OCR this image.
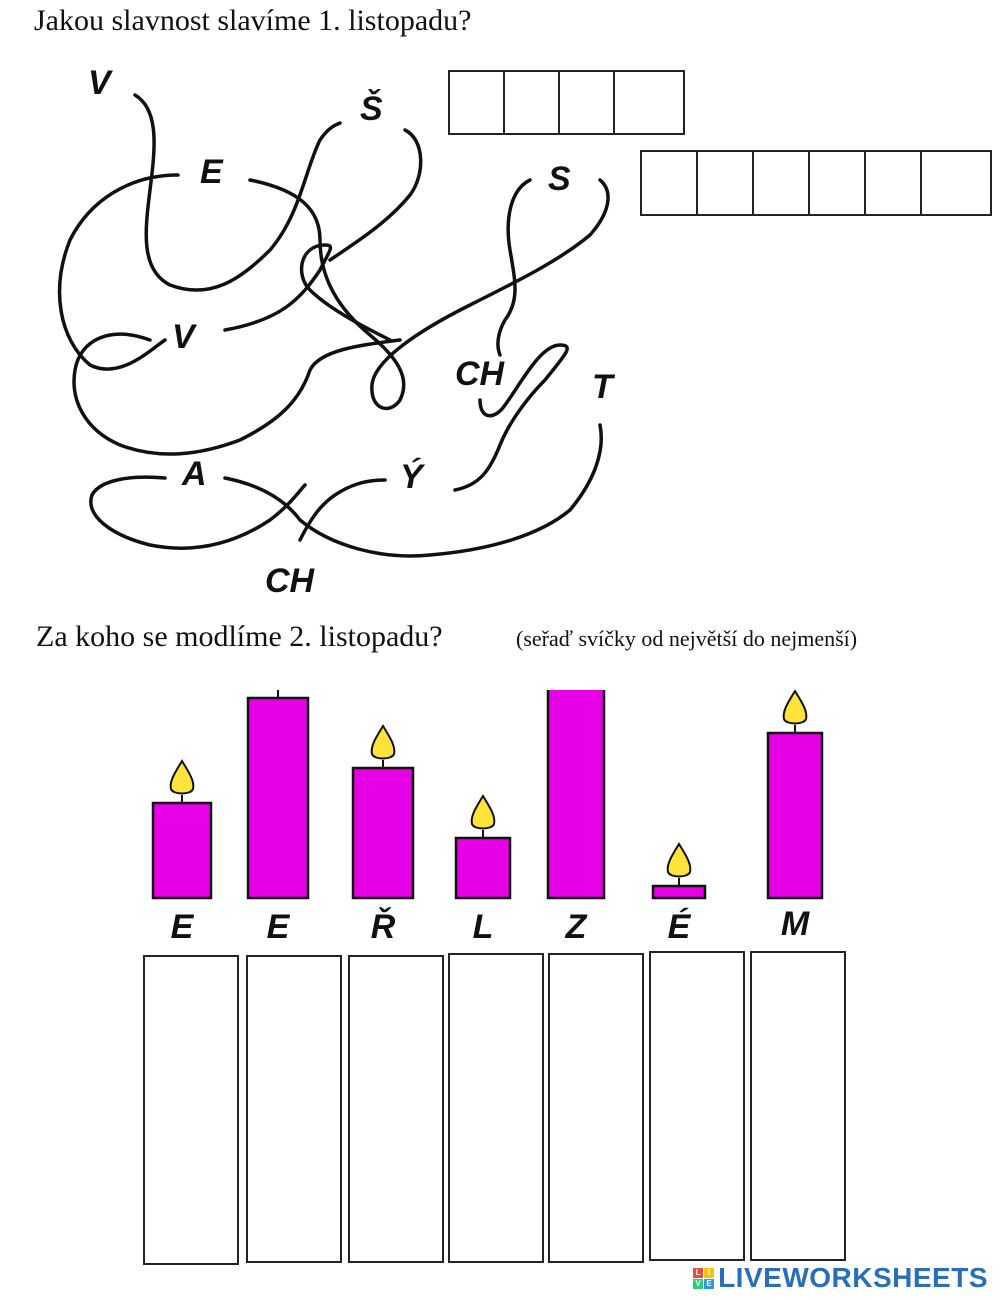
Jakou slavnost slavíme 1. listopadu?
V
Š
E	S
V
CH	T
A	Ý
CH
Za koho se modlíme 2. listopadu?	(seřaď svíčky od největší do nejmenší)
E	E	Ř	L	Z	É	M
L I
V E LIVEWORKSHEETS
